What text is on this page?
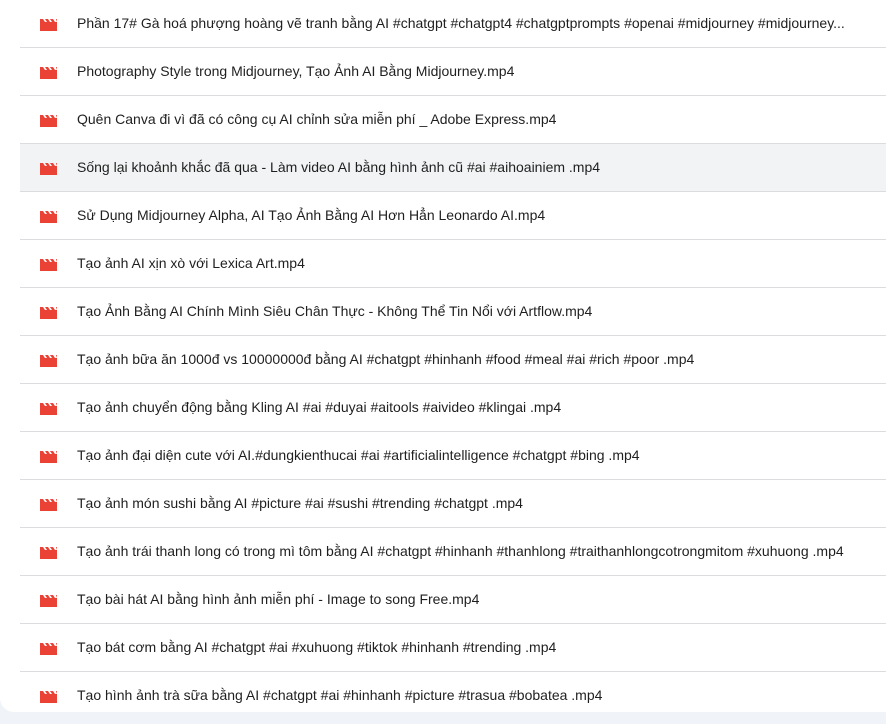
Phần 17# Gà hoá phượng hoàng vẽ tranh bằng AI #chatgpt #chatgpt4 #chatgptprompts #openai #midjourney #midjourney...
Photography Style trong Midjourney, Tạo Ảnh AI Bằng Midjourney.mp4
Quên Canva đi vì đã có công cụ AI chỉnh sửa miễn phí _ Adobe Express.mp4
Sống lại khoảnh khắc đã qua - Làm video AI bằng hình ảnh cũ #ai #aihoainiem .mp4
Sử Dụng Midjourney Alpha, AI Tạo Ảnh Bằng AI Hơn Hẳn Leonardo AI.mp4
Tạo ảnh AI xịn xò với Lexica Art.mp4
Tạo Ảnh Bằng AI Chính Mình Siêu Chân Thực - Không Thể Tin Nổi với Artflow.mp4
Tạo ảnh bữa ăn 1000đ vs 10000000đ bằng AI #chatgpt #hinhanh #food #meal #ai #rich #poor .mp4
Tạo ảnh chuyển động bằng Kling AI #ai #duyai #aitools #aivideo #klingai .mp4
Tạo ảnh đại diện cute với AI.#dungkienthucai #ai #artificialintelligence #chatgpt #bing .mp4
Tạo ảnh món sushi bằng AI #picture #ai #sushi #trending #chatgpt .mp4
Tạo ảnh trái thanh long có trong mì tôm bằng AI #chatgpt #hinhanh #thanhlong #traithanhlongcotrongmitom #xuhuong .mp4
Tạo bài hát AI bằng hình ảnh miễn phí - Image to song Free.mp4
Tạo bát cơm bằng AI #chatgpt #ai #xuhuong #tiktok #hinhanh #trending .mp4
Tạo hình ảnh trà sữa bằng AI #chatgpt #ai #hinhanh #picture #trasua #bobatea .mp4
